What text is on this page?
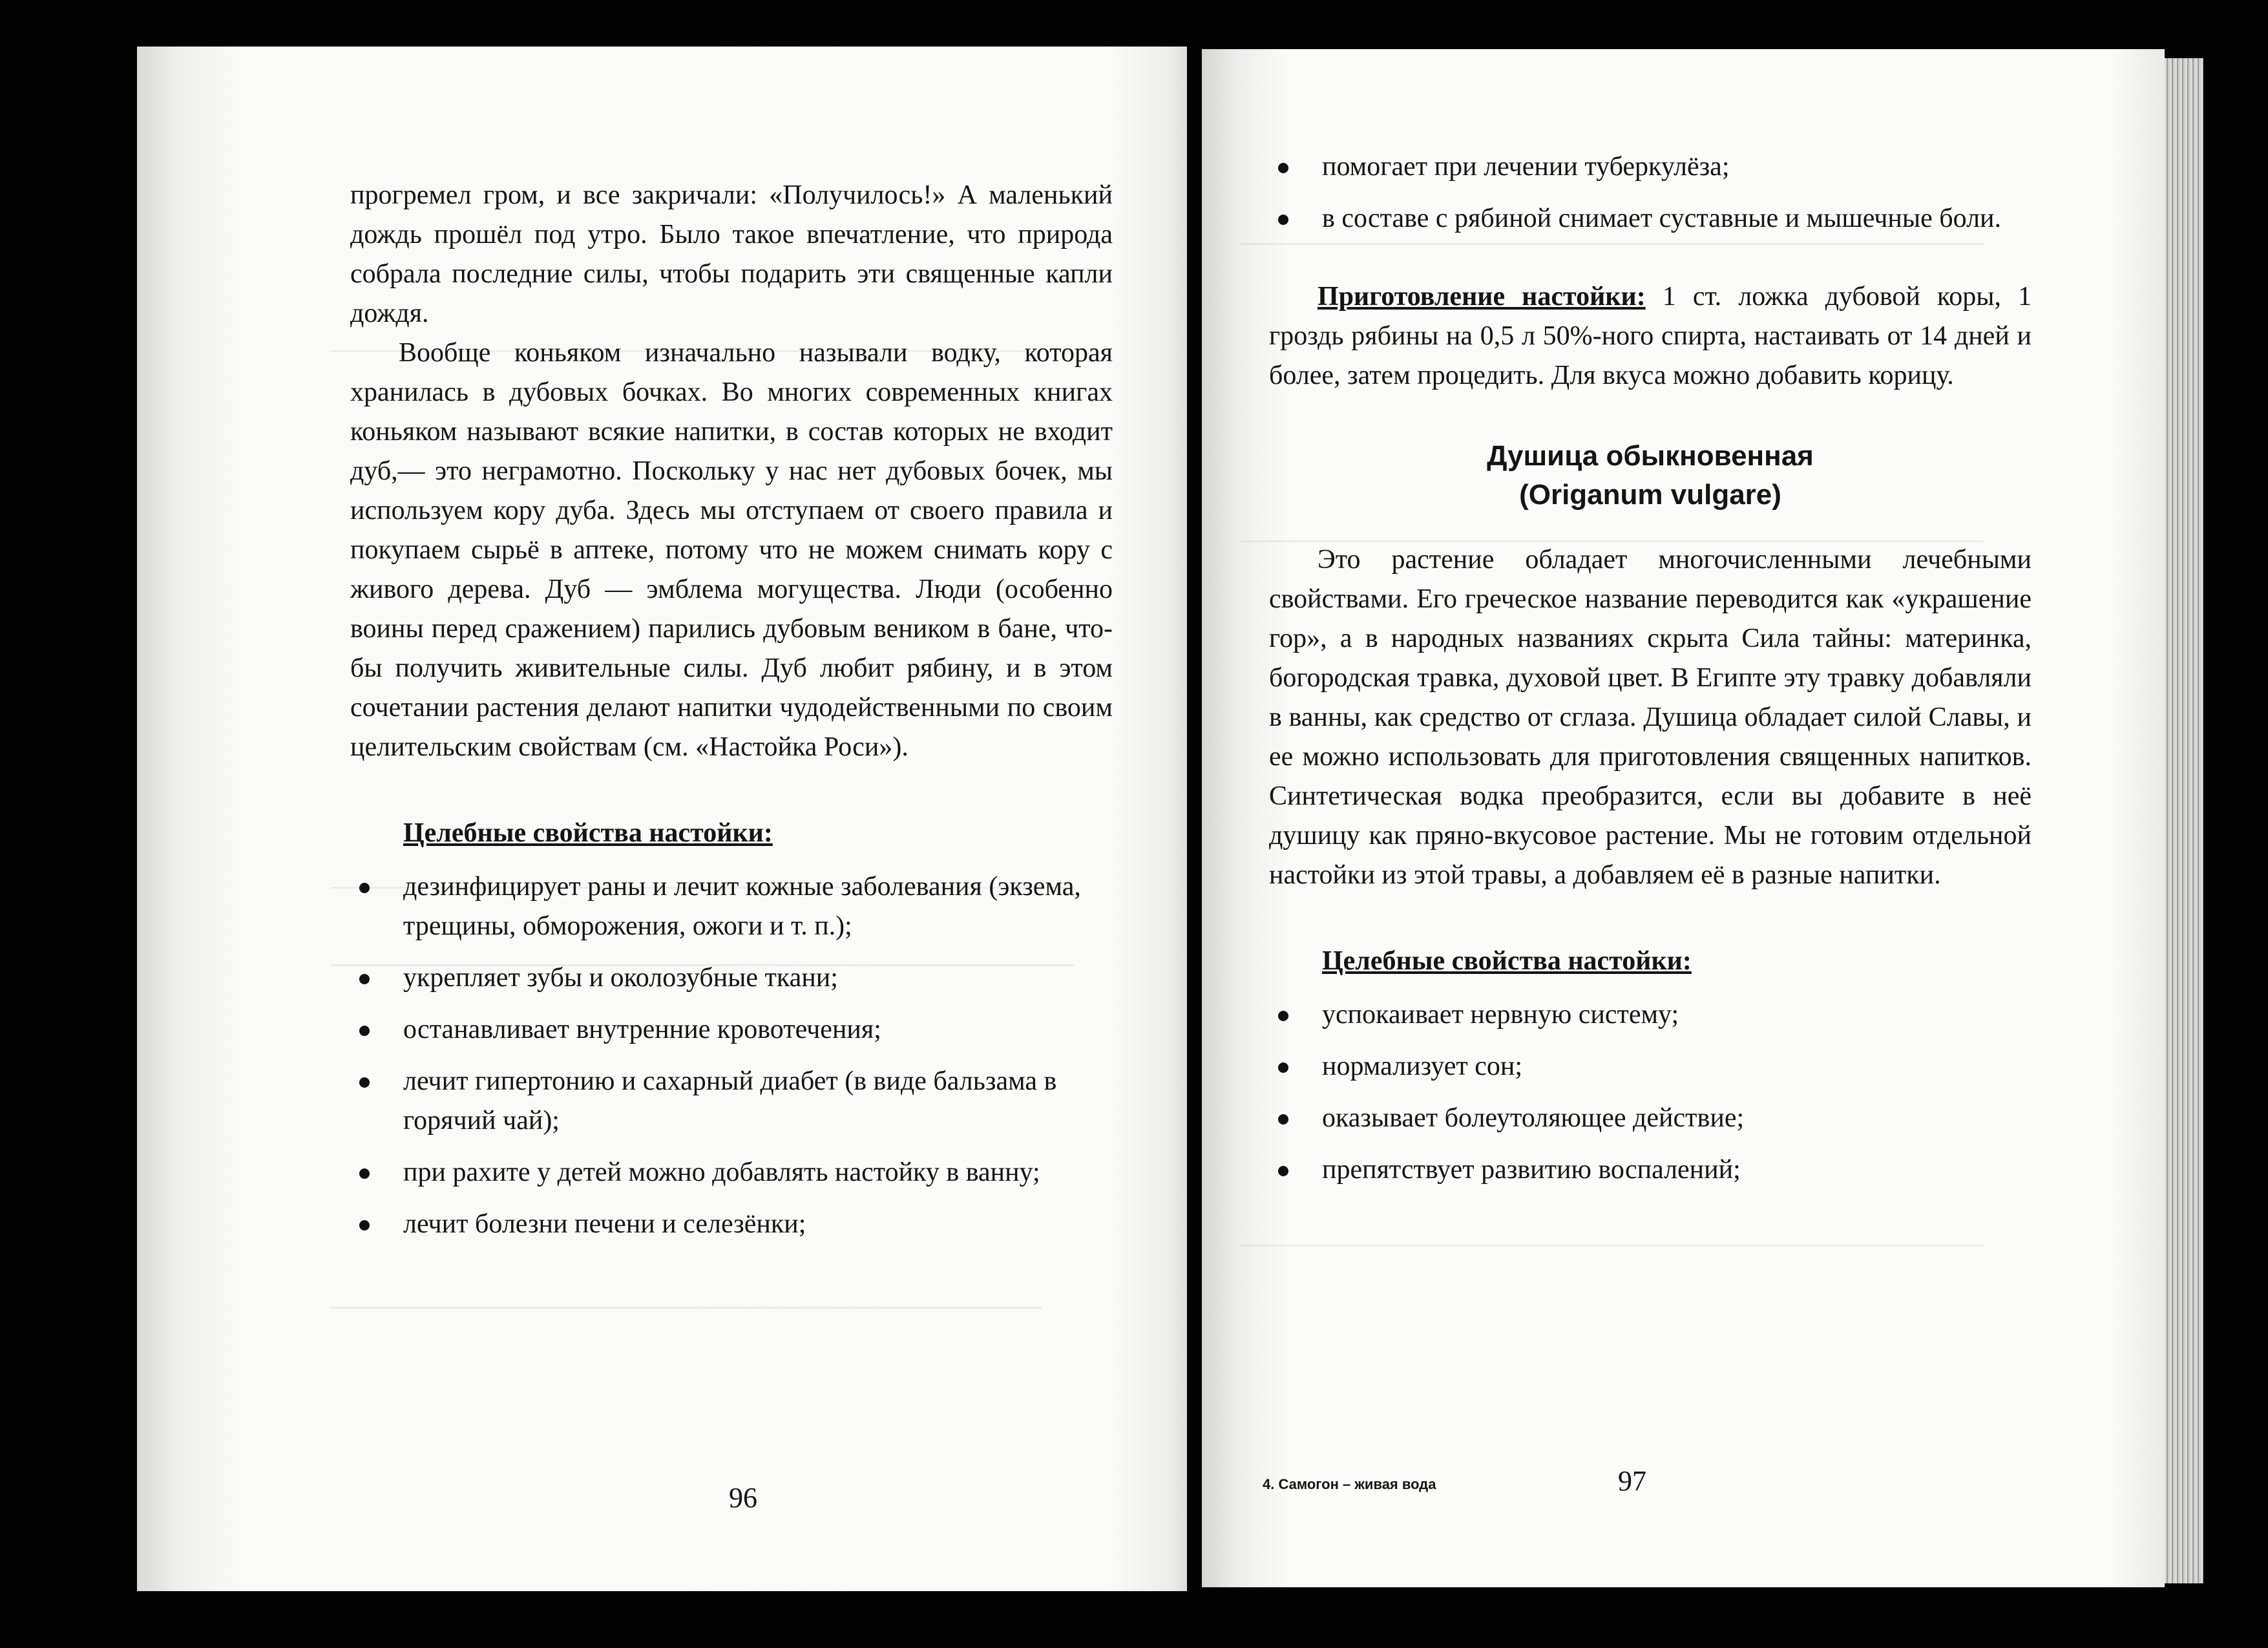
прогремел гром, и все закричали: «Получилось!» А маленький дождь прошёл под утро. Было такое впечатление, что природа собрала последние силы, чтобы подарить эти священные капли дождя.

Вообще коньяком изначально называли водку, которая хранилась в дубовых бочках. Во многих современных книгах коньяком называют всякие напитки, в состав которых не входит дуб,— это неграмотно. Поскольку у нас нет дубовых бочек, мы используем кору дуба. Здесь мы отступаем от своего правила и покупаем сырьё в аптеке, потому что не можем снимать кору с живого дерева. Дуб — эмблема могущества. Люди (особенно воины перед сражением) парились дубовым веником в бане, чтобы получить живительные силы. Дуб любит рябину, и в этом сочетании растения делают напитки чудодейственными по своим целительским свойствам (см. «Настойка Роси»).

Целебные свойства настойки:
дезинфицирует раны и лечит кожные заболевания (экзема, трещины, обморожения, ожоги и т. п.);
укрепляет зубы и околозубные ткани;
останавливает внутренние кровотечения;
лечит гипертонию и сахарный диабет (в виде бальзама в горячий чай);
при рахите у детей можно добавлять настойку в ванну;
лечит болезни печени и селезёнки;
96
помогает при лечении туберкулёза;
в составе с рябиной снимает суставные и мышечные боли.

Приготовление настойки: 1 ст. ложка дубовой коры, 1 гроздь рябины на 0,5 л 50%-ного спирта, настаивать от 14 дней и более, затем процедить. Для вкуса можно добавить корицу.

Душица обыкновенная
(Origanum vulgare)

Это растение обладает многочисленными лечебными свойствами. Его греческое название переводится как «украшение гор», а в народных названиях скрыта Сила тайны: материнка, богородская травка, духовой цвет. В Египте эту травку добавляли в ванны, как средство от сглаза. Душица обладает силой Славы, и ее можно использовать для приготовления священных напитков. Синтетическая водка преобразится, если вы добавите в неё душицу как пряно-вкусовое растение. Мы не готовим отдельной настойки из этой травы, а добавляем её в разные напитки.

Целебные свойства настойки:
успокаивает нервную систему;
нормализует сон;
оказывает болеутоляющее действие;
препятствует развитию воспалений;
4. Самогон – живая вода	97
